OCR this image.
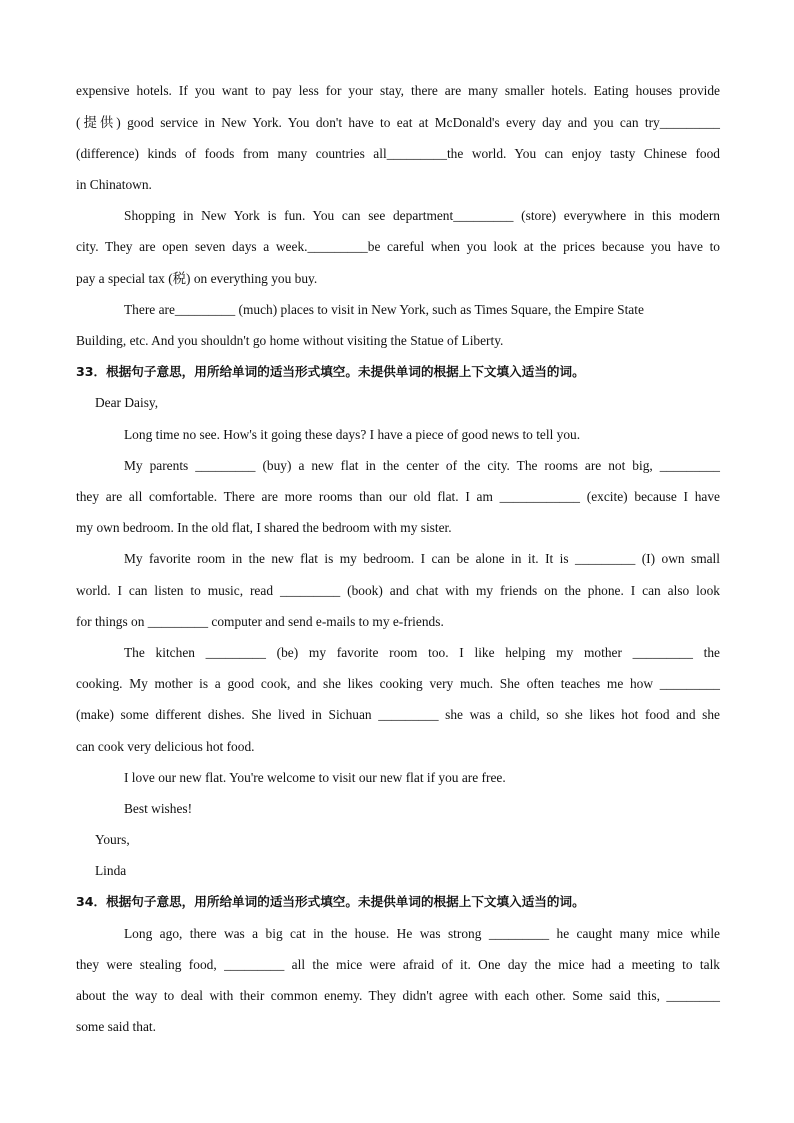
expensive hotels. If you want to pay less for your stay, there are many smaller hotels. Eating houses provide
(提供) good service in New York. You don't have to eat at McDonald's every day and you can try_________
(difference) kinds of foods from many countries all_________the world. You can enjoy tasty Chinese food
in Chinatown.
Shopping in New York is fun. You can see department_________ (store) everywhere in this modern
city. They are open seven days a week._________be careful when you look at the prices because you have to
pay a special tax (税) on everything you buy.
There are_________ (much) places to visit in New York, such as Times Square, the Empire State
Building, etc. And you shouldn't go home without visiting the Statue of Liberty.
33．根据句子意思，用所给单词的适当形式填空。未提供单词的根据上下文填入适当的词。
Dear Daisy,
Long time no see. How's it going these days? I have a piece of good news to tell you.
My parents _________ (buy) a new flat in the center of the city. The rooms are not big, _________
they are all comfortable. There are more rooms than our old flat. I am ____________ (excite) because I have
my own bedroom. In the old flat, I shared the bedroom with my sister.
My favorite room in the new flat is my bedroom. I can be alone in it. It is _________ (I) own small
world. I can listen to music, read _________ (book) and chat with my friends on the phone. I can also look
for things on _________ computer and send e-mails to my e-friends.
The kitchen _________ (be) my favorite room too. I like helping my mother _________ the
cooking. My mother is a good cook, and she likes cooking very much. She often teaches me how _________
(make) some different dishes. She lived in Sichuan _________ she was a child, so she likes hot food and she
can cook very delicious hot food.
I love our new flat. You're welcome to visit our new flat if you are free.
Best wishes!
Yours,
Linda
34．根据句子意思，用所给单词的适当形式填空。未提供单词的根据上下文填入适当的词。
Long ago, there was a big cat in the house. He was strong _________ he caught many mice while
they were stealing food, _________ all the mice were afraid of it. One day the mice had a meeting to talk
about the way to deal with their common enemy. They didn't agree with each other. Some said this, ________
some said that.
